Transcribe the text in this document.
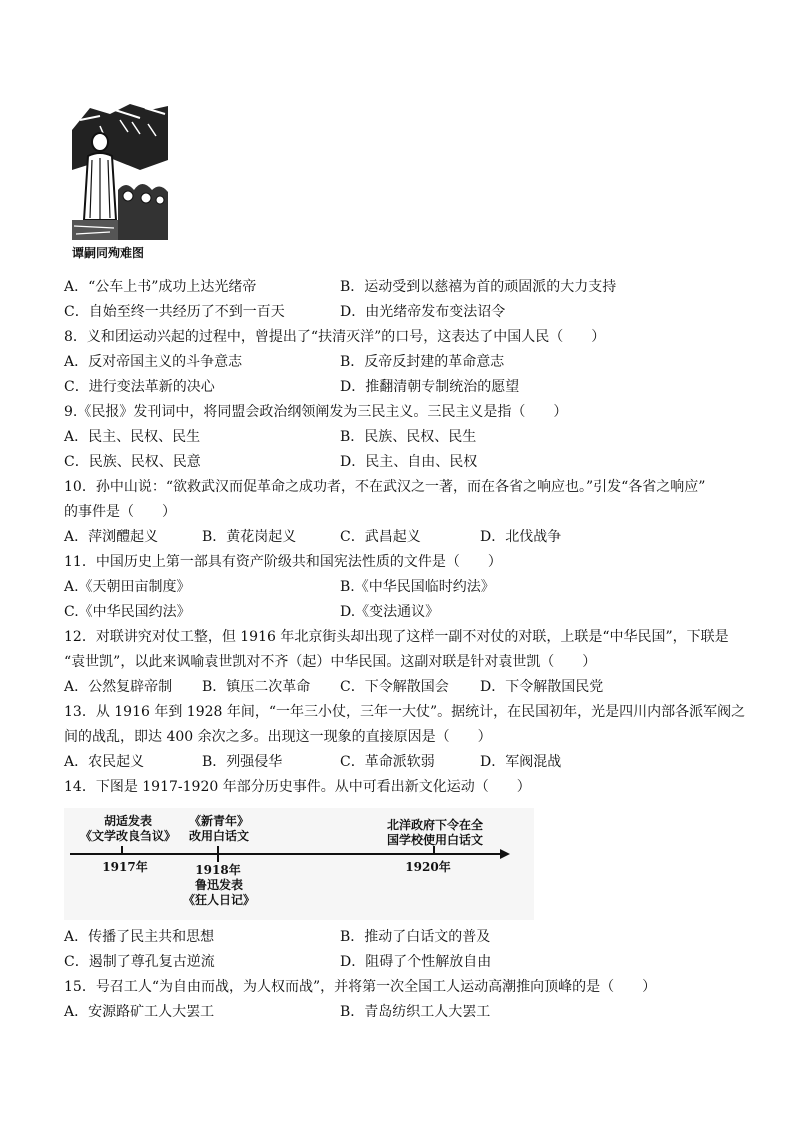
谭嗣同殉难图
A．“公车上书”成功上达光绪帝	B．运动受到以慈禧为首的顽固派的大力支持
C．自始至终一共经历了不到一百天	D．由光绪帝发布变法诏令
8．义和团运动兴起的过程中，曾提出了“扶清灭洋”的口号，这表达了中国人民（　　）
A．反对帝国主义的斗争意志	B．反帝反封建的革命意志
C．进行变法革新的决心	D．推翻清朝专制统治的愿望
9.《民报》发刊词中，将同盟会政治纲领阐发为三民主义。三民主义是指（　　）
A．民主、民权、民生	B．民族、民权、民生
C．民族、民权、民意	D．民主、自由、民权
10．孙中山说：“欲救武汉而促革命之成功者，不在武汉之一著，而在各省之响应也。”引发“各省之响应”
的事件是（　　）
A．萍浏醴起义	B．黄花岗起义	C．武昌起义	D．北伐战争
11．中国历史上第一部具有资产阶级共和国宪法性质的文件是（　　）
A.《天朝田亩制度》	B.《中华民国临时约法》
C.《中华民国约法》	D.《变法通议》
12．对联讲究对仗工整，但 1916 年北京街头却出现了这样一副不对仗的对联，上联是“中华民国”，下联是
“袁世凯”，以此来讽喻袁世凯对不齐（起）中华民国。这副对联是针对袁世凯（　　）
A．公然复辟帝制 B．镇压二次革命 C．下令解散国会 D．下令解散国民党
13．从 1916 年到 1928 年间，“一年三小仗，三年一大仗”。据统计，在民国初年，光是四川内部各派军阀之
间的战乱，即达 400 余次之多。出现这一现象的直接原因是（　　）
A．农民起义	B．列强侵华	C．革命派软弱	D．军阀混战
14．下图是 1917-1920 年部分历史事件。从中可看出新文化运动（　　）
胡适发表
《文学改良刍议》
《新青年》
改用白话文
北洋政府下令在全
国学校使用白话文
1917年	1918年	1920年
鲁迅发表
《狂人日记》
A．传播了民主共和思想	B．推动了白话文的普及
C．遏制了尊孔复古逆流	D．阻碍了个性解放自由
15．号召工人“为自由而战，为人权而战”，并将第一次全国工人运动高潮推向顶峰的是（　　）
A．安源路矿工人大罢工	B．青岛纺织工人大罢工
